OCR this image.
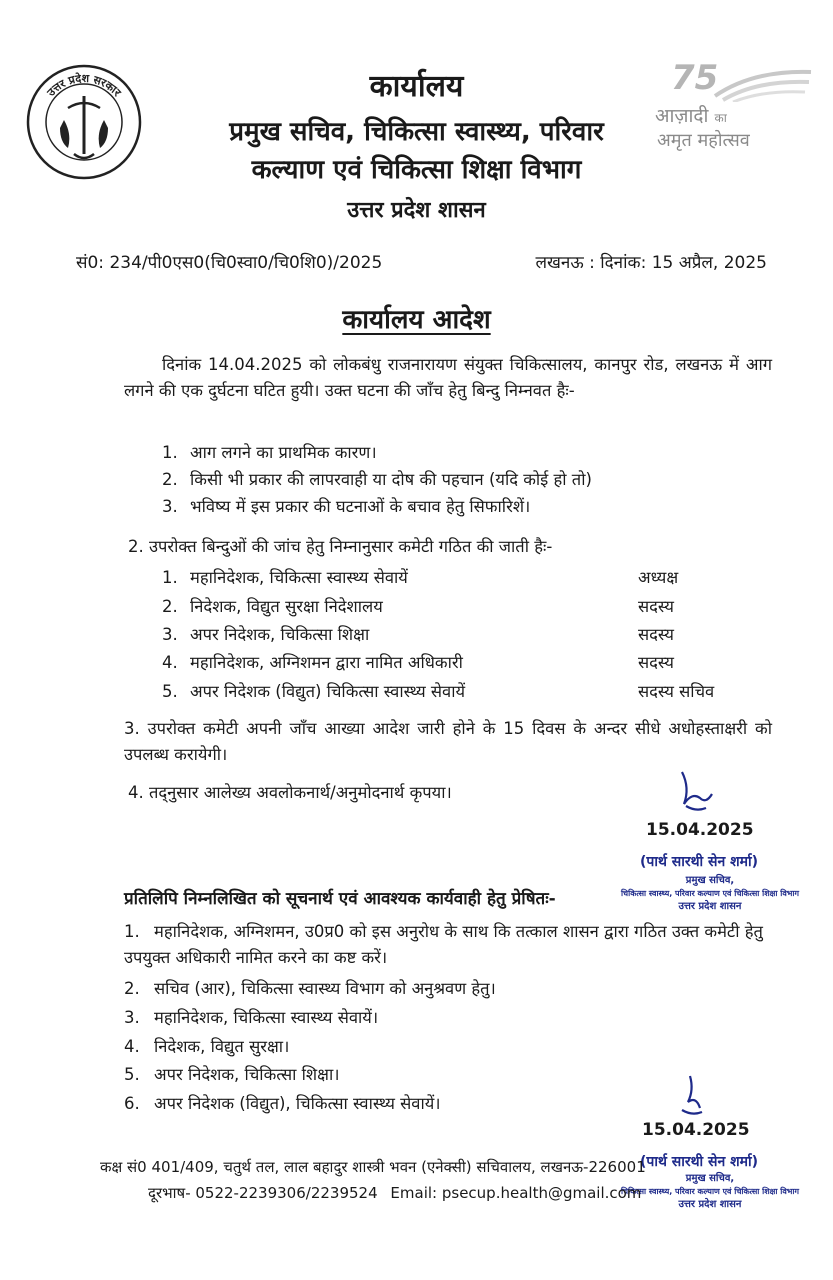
उत्तर प्रदेश सरकार	75
आज़ादी का
अमृत महोत्सव
कार्यालय
प्रमुख सचिव, चिकित्सा स्वास्थ्य, परिवार
कल्याण एवं चिकित्सा शिक्षा विभाग
उत्तर प्रदेश शासन
सं0: 234/पी0एस0(चि0स्वा0/चि0शि0)/2025	लखनऊ : दिनांक: 15 अप्रैल, 2025
कार्यालय आदेश
दिनांक 14.04.2025 को लोकबंधु राजनारायण संयुक्त चिकित्सालय, कानपुर रोड, लखनऊ में आग लगने की एक दुर्घटना घटित हुयी। उक्त घटना की जाँच हेतु बिन्दु निम्नवत हैः-
1. आग लगने का प्राथमिक कारण।
2. किसी भी प्रकार की लापरवाही या दोष की पहचान (यदि कोई हो तो)
3. भविष्य में इस प्रकार की घटनाओं के बचाव हेतु सिफारिशें।
2. उपरोक्त बिन्दुओं की जांच हेतु निम्नानुसार कमेटी गठित की जाती हैः-
1. महानिदेशक, चिकित्सा स्वास्थ्य सेवायें	अध्यक्ष
2. निदेशक, विद्युत सुरक्षा निदेशालय	सदस्य
3. अपर निदेशक, चिकित्सा शिक्षा	सदस्य
4. महानिदेशक, अग्निशमन द्वारा नामित अधिकारी	सदस्य
5. अपर निदेशक (विद्युत) चिकित्सा स्वास्थ्य सेवायें	सदस्य सचिव
3. उपरोक्त कमेटी अपनी जाँच आख्या आदेश जारी होने के 15 दिवस के अन्दर सीधे अधोहस्ताक्षरी को उपलब्ध करायेगी।
4. तद्नुसार आलेख्य अवलोकनार्थ/अनुमोदनार्थ कृपया।
15.04.2025
(पार्थ सारथी सेन शर्मा)
प्रमुख सचिव,
चिकित्सा स्वास्थ्य, परिवार कल्याण एवं चिकित्सा शिक्षा विभाग
उत्तर प्रदेश शासन
प्रतिलिपि निम्नलिखित को सूचनार्थ एवं आवश्यक कार्यवाही हेतु प्रेषितः-
1. महानिदेशक, अग्निशमन, उ0प्र0 को इस अनुरोध के साथ कि तत्काल शासन द्वारा गठित उक्त कमेटी हेतु उपयुक्त अधिकारी नामित करने का कष्ट करें।
2. सचिव (आर), चिकित्सा स्वास्थ्य विभाग को अनुश्रवण हेतु।
3. महानिदेशक, चिकित्सा स्वास्थ्य सेवायें।
4. निदेशक, विद्युत सुरक्षा।
5. अपर निदेशक, चिकित्सा शिक्षा।
6. अपर निदेशक (विद्युत), चिकित्सा स्वास्थ्य सेवायें।
15.04.2025
(पार्थ सारथी सेन शर्मा)
प्रमुख सचिव,
चिकित्सा स्वास्थ्य, परिवार कल्याण एवं चिकित्सा शिक्षा विभाग
उत्तर प्रदेश शासन
कक्ष सं0 401/409, चतुर्थ तल, लाल बहादुर शास्त्री भवन (एनेक्सी) सचिवालय, लखनऊ-226001
दूरभाष- 0522-2239306/2239524 Email: psecup.health@gmail.com
